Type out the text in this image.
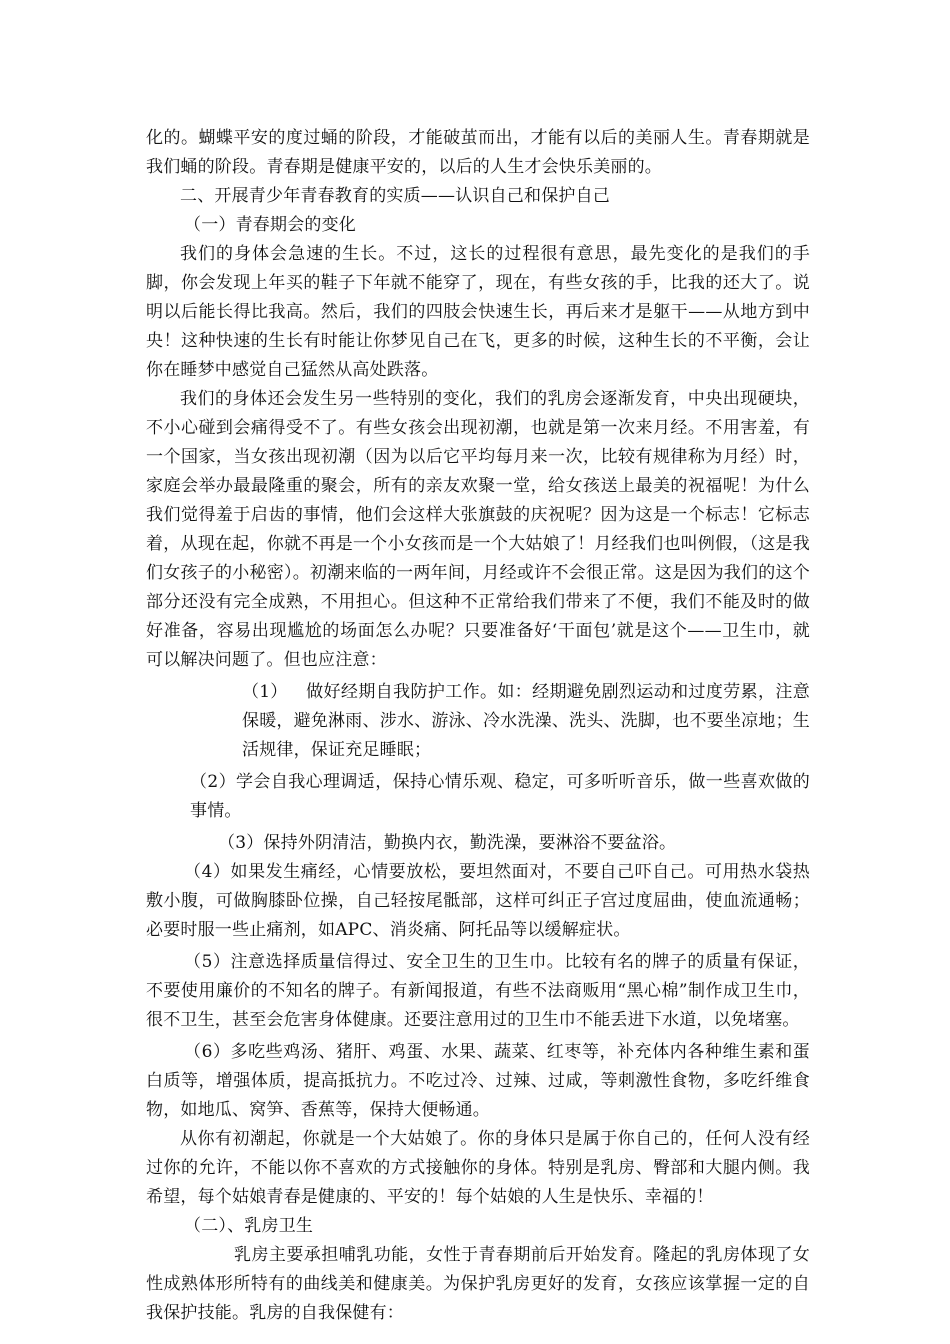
化的。蝴蝶平安的度过蛹的阶段，才能破茧而出，才能有以后的美丽人生。青春期就是我们蛹的阶段。青春期是健康平安的，以后的人生才会快乐美丽的。

二、开展青少年青春教育的实质——认识自己和保护自己

（一）青春期会的变化

我们的身体会急速的生长。不过，这长的过程很有意思，最先变化的是我们的手脚，你会发现上年买的鞋子下年就不能穿了，现在，有些女孩的手，比我的还大了。说明以后能长得比我高。然后，我们的四肢会快速生长，再后来才是躯干——从地方到中央！这种快速的生长有时能让你梦见自己在飞，更多的时候，这种生长的不平衡，会让你在睡梦中感觉自己猛然从高处跌落。

我们的身体还会发生另一些特别的变化，我们的乳房会逐渐发育，中央出现硬块，不小心碰到会痛得受不了。有些女孩会出现初潮，也就是第一次来月经。不用害羞，有一个国家，当女孩出现初潮（因为以后它平均每月来一次，比较有规律称为月经）时，家庭会举办最最隆重的聚会，所有的亲友欢聚一堂，给女孩送上最美的祝福呢！为什么我们觉得羞于启齿的事情，他们会这样大张旗鼓的庆祝呢？因为这是一个标志！它标志着，从现在起，你就不再是一个小女孩而是一个大姑娘了！月经我们也叫例假，（这是我们女孩子的小秘密）。初潮来临的一两年间，月经或许不会很正常。这是因为我们的这个部分还没有完全成熟，不用担心。但这种不正常给我们带来了不便，我们不能及时的做好准备，容易出现尴尬的场面怎么办呢？只要准备好‘干面包’就是这个——卫生巾，就可以解决问题了。但也应注意：

（1） 做好经期自我防护工作。如：经期避免剧烈运动和过度劳累，注意保暖，避免淋雨、涉水、游泳、冷水洗澡、洗头、洗脚，也不要坐凉地；生活规律，保证充足睡眠；

（2）学会自我心理调适，保持心情乐观、稳定，可多听听音乐，做一些喜欢做的事情。

（3）保持外阴清洁，勤换内衣，勤洗澡，要淋浴不要盆浴。

（4）如果发生痛经，心情要放松，要坦然面对，不要自己吓自己。可用热水袋热敷小腹，可做胸膝卧位操，自己轻按尾骶部，这样可纠正子宫过度屈曲，使血流通畅；必要时服一些止痛剂，如APC、消炎痛、阿托品等以缓解症状。

（5）注意选择质量信得过、安全卫生的卫生巾。比较有名的牌子的质量有保证，不要使用廉价的不知名的牌子。有新闻报道，有些不法商贩用“黑心棉”制作成卫生巾，很不卫生，甚至会危害身体健康。还要注意用过的卫生巾不能丢进下水道，以免堵塞。

（6）多吃些鸡汤、猪肝、鸡蛋、水果、蔬菜、红枣等，补充体内各种维生素和蛋白质等，增强体质，提高抵抗力。不吃过冷、过辣、过咸，等刺激性食物，多吃纤维食物，如地瓜、窝笋、香蕉等，保持大便畅通。

从你有初潮起，你就是一个大姑娘了。你的身体只是属于你自己的，任何人没有经过你的允许，不能以你不喜欢的方式接触你的身体。特别是乳房、臀部和大腿内侧。我希望，每个姑娘青春是健康的、平安的！每个姑娘的人生是快乐、幸福的！

（二）、乳房卫生

乳房主要承担哺乳功能，女性于青春期前后开始发育。隆起的乳房体现了女性成熟体形所特有的曲线美和健康美。为保护乳房更好的发育，女孩应该掌握一定的自我保护技能。乳房的自我保健有：
